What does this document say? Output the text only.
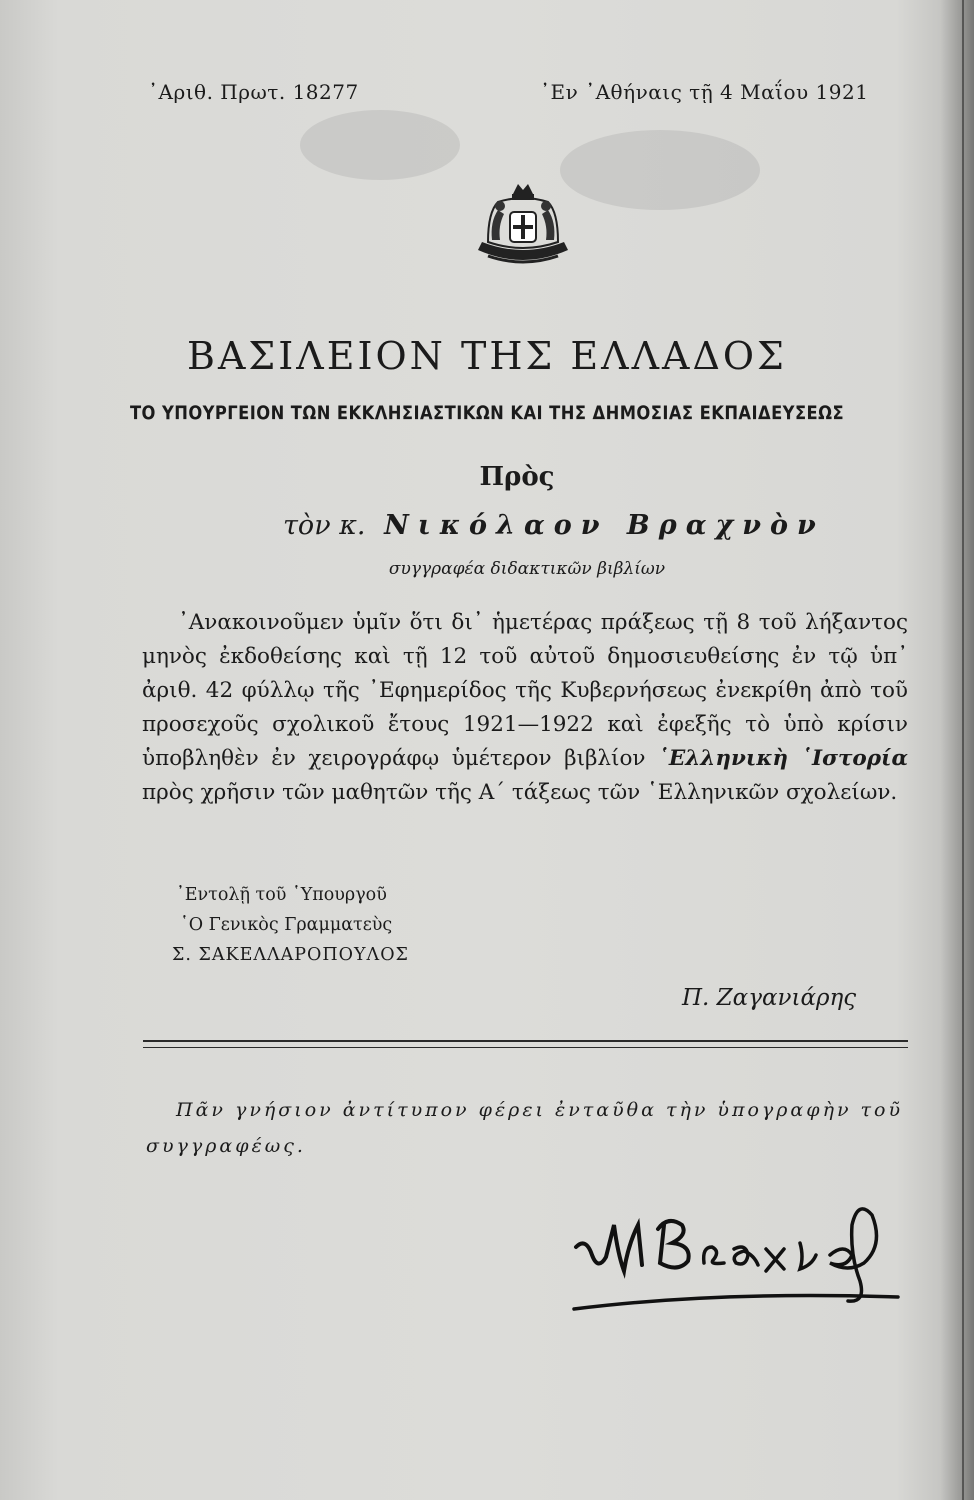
᾽Αριθ. Πρωτ. 18277	᾽Εν ᾽Αθήναις τῇ 4 Μαΐου 1921
ΒΑΣΙΛΕΙΟΝ ΤΗΣ ΕΛΛΑΔΟΣ
ΤΟ ΥΠΟΥΡΓΕΙΟΝ ΤΩΝ ΕΚΚΛΗΣΙΑΣΤΙΚΩΝ ΚΑΙ ΤΗΣ ΔΗΜΟΣΙΑΣ ΕΚΠΑΙΔΕΥΣΕΩΣ
Πρὸς
τὸν κ. Νικόλαον Βραχνὸν
συγγραφέα διδακτικῶν βιβλίων
᾽Ανακοινοῦμεν ὑμῖν ὅτι δι᾽ ἡμετέρας πράξεως τῇ 8 τοῦ λήξαντος μηνὸς ἐκδοθείσης καὶ τῇ 12 τοῦ αὐτοῦ δημοσιευθείσης ἐν τῷ ὑπ᾽ ἀριθ. 42 φύλλῳ τῆς ᾽Εφημερίδος τῆς Κυβερνήσεως ἐνεκρίθη ἀπὸ τοῦ προσεχοῦς σχολικοῦ ἔτους 1921—1922 καὶ ἐφεξῆς τὸ ὑπὸ κρίσιν ὑποβληθὲν ἐν χειρογράφῳ ὑμέτερον βιβλίον ῾Ελληνικὴ ῾Ιστορία πρὸς χρῆσιν τῶν μαθητῶν τῆς Α΄ τάξεως τῶν ῾Ελληνικῶν σχολείων.
᾽Εντολῇ τοῦ ῾Υπουργοῦ
῾Ο Γενικὸς Γραμματεὺς
Σ. ΣΑΚΕΛΛΑΡΟΠΟΥΛΟΣ
Π. Ζαγανιάρης
Πᾶν γνήσιον ἀντίτυπον φέρει ἐνταῦθα τὴν ὑπογραφὴν τοῦ συγγραφέως.
